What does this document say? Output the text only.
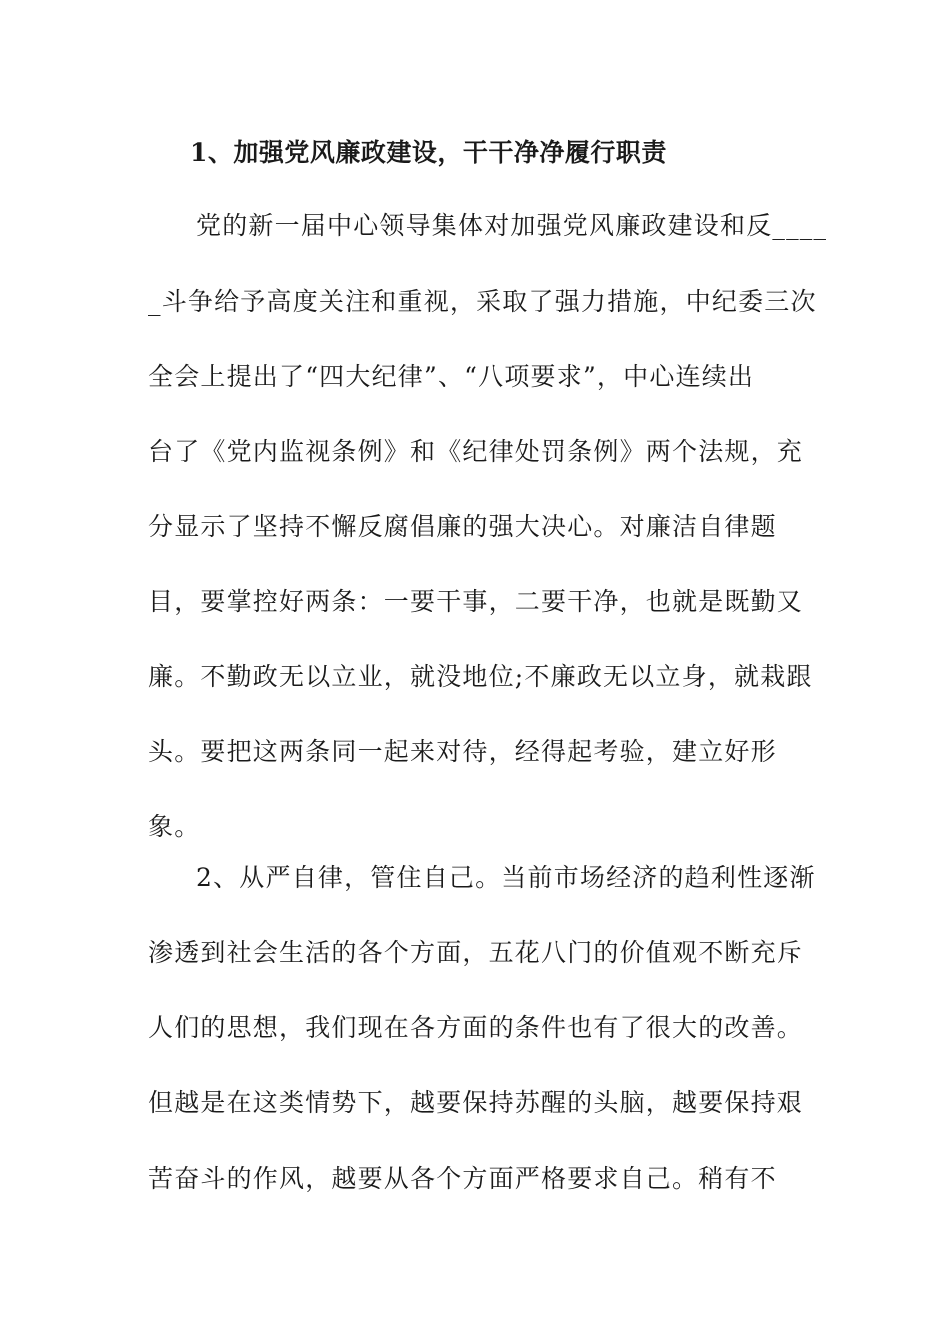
1、加强党风廉政建设，干干净净履行职责
党的新一届中心领导集体对加强党风廉政建设和反____
_斗争给予高度关注和重视，采取了强力措施，中纪委三次
全会上提出了“四大纪律”、“八项要求”，中心连续出
台了《党内监视条例》和《纪律处罚条例》两个法规，充
分显示了坚持不懈反腐倡廉的强大决心。对廉洁自律题
目，要掌控好两条：一要干事，二要干净，也就是既勤又
廉。不勤政无以立业，就没地位;不廉政无以立身，就栽跟
头。要把这两条同一起来对待，经得起考验，建立好形
象。
2、从严自律，管住自己。当前市场经济的趋利性逐渐
渗透到社会生活的各个方面，五花八门的价值观不断充斥
人们的思想，我们现在各方面的条件也有了很大的改善。
但越是在这类情势下，越要保持苏醒的头脑，越要保持艰
苦奋斗的作风，越要从各个方面严格要求自己。稍有不
